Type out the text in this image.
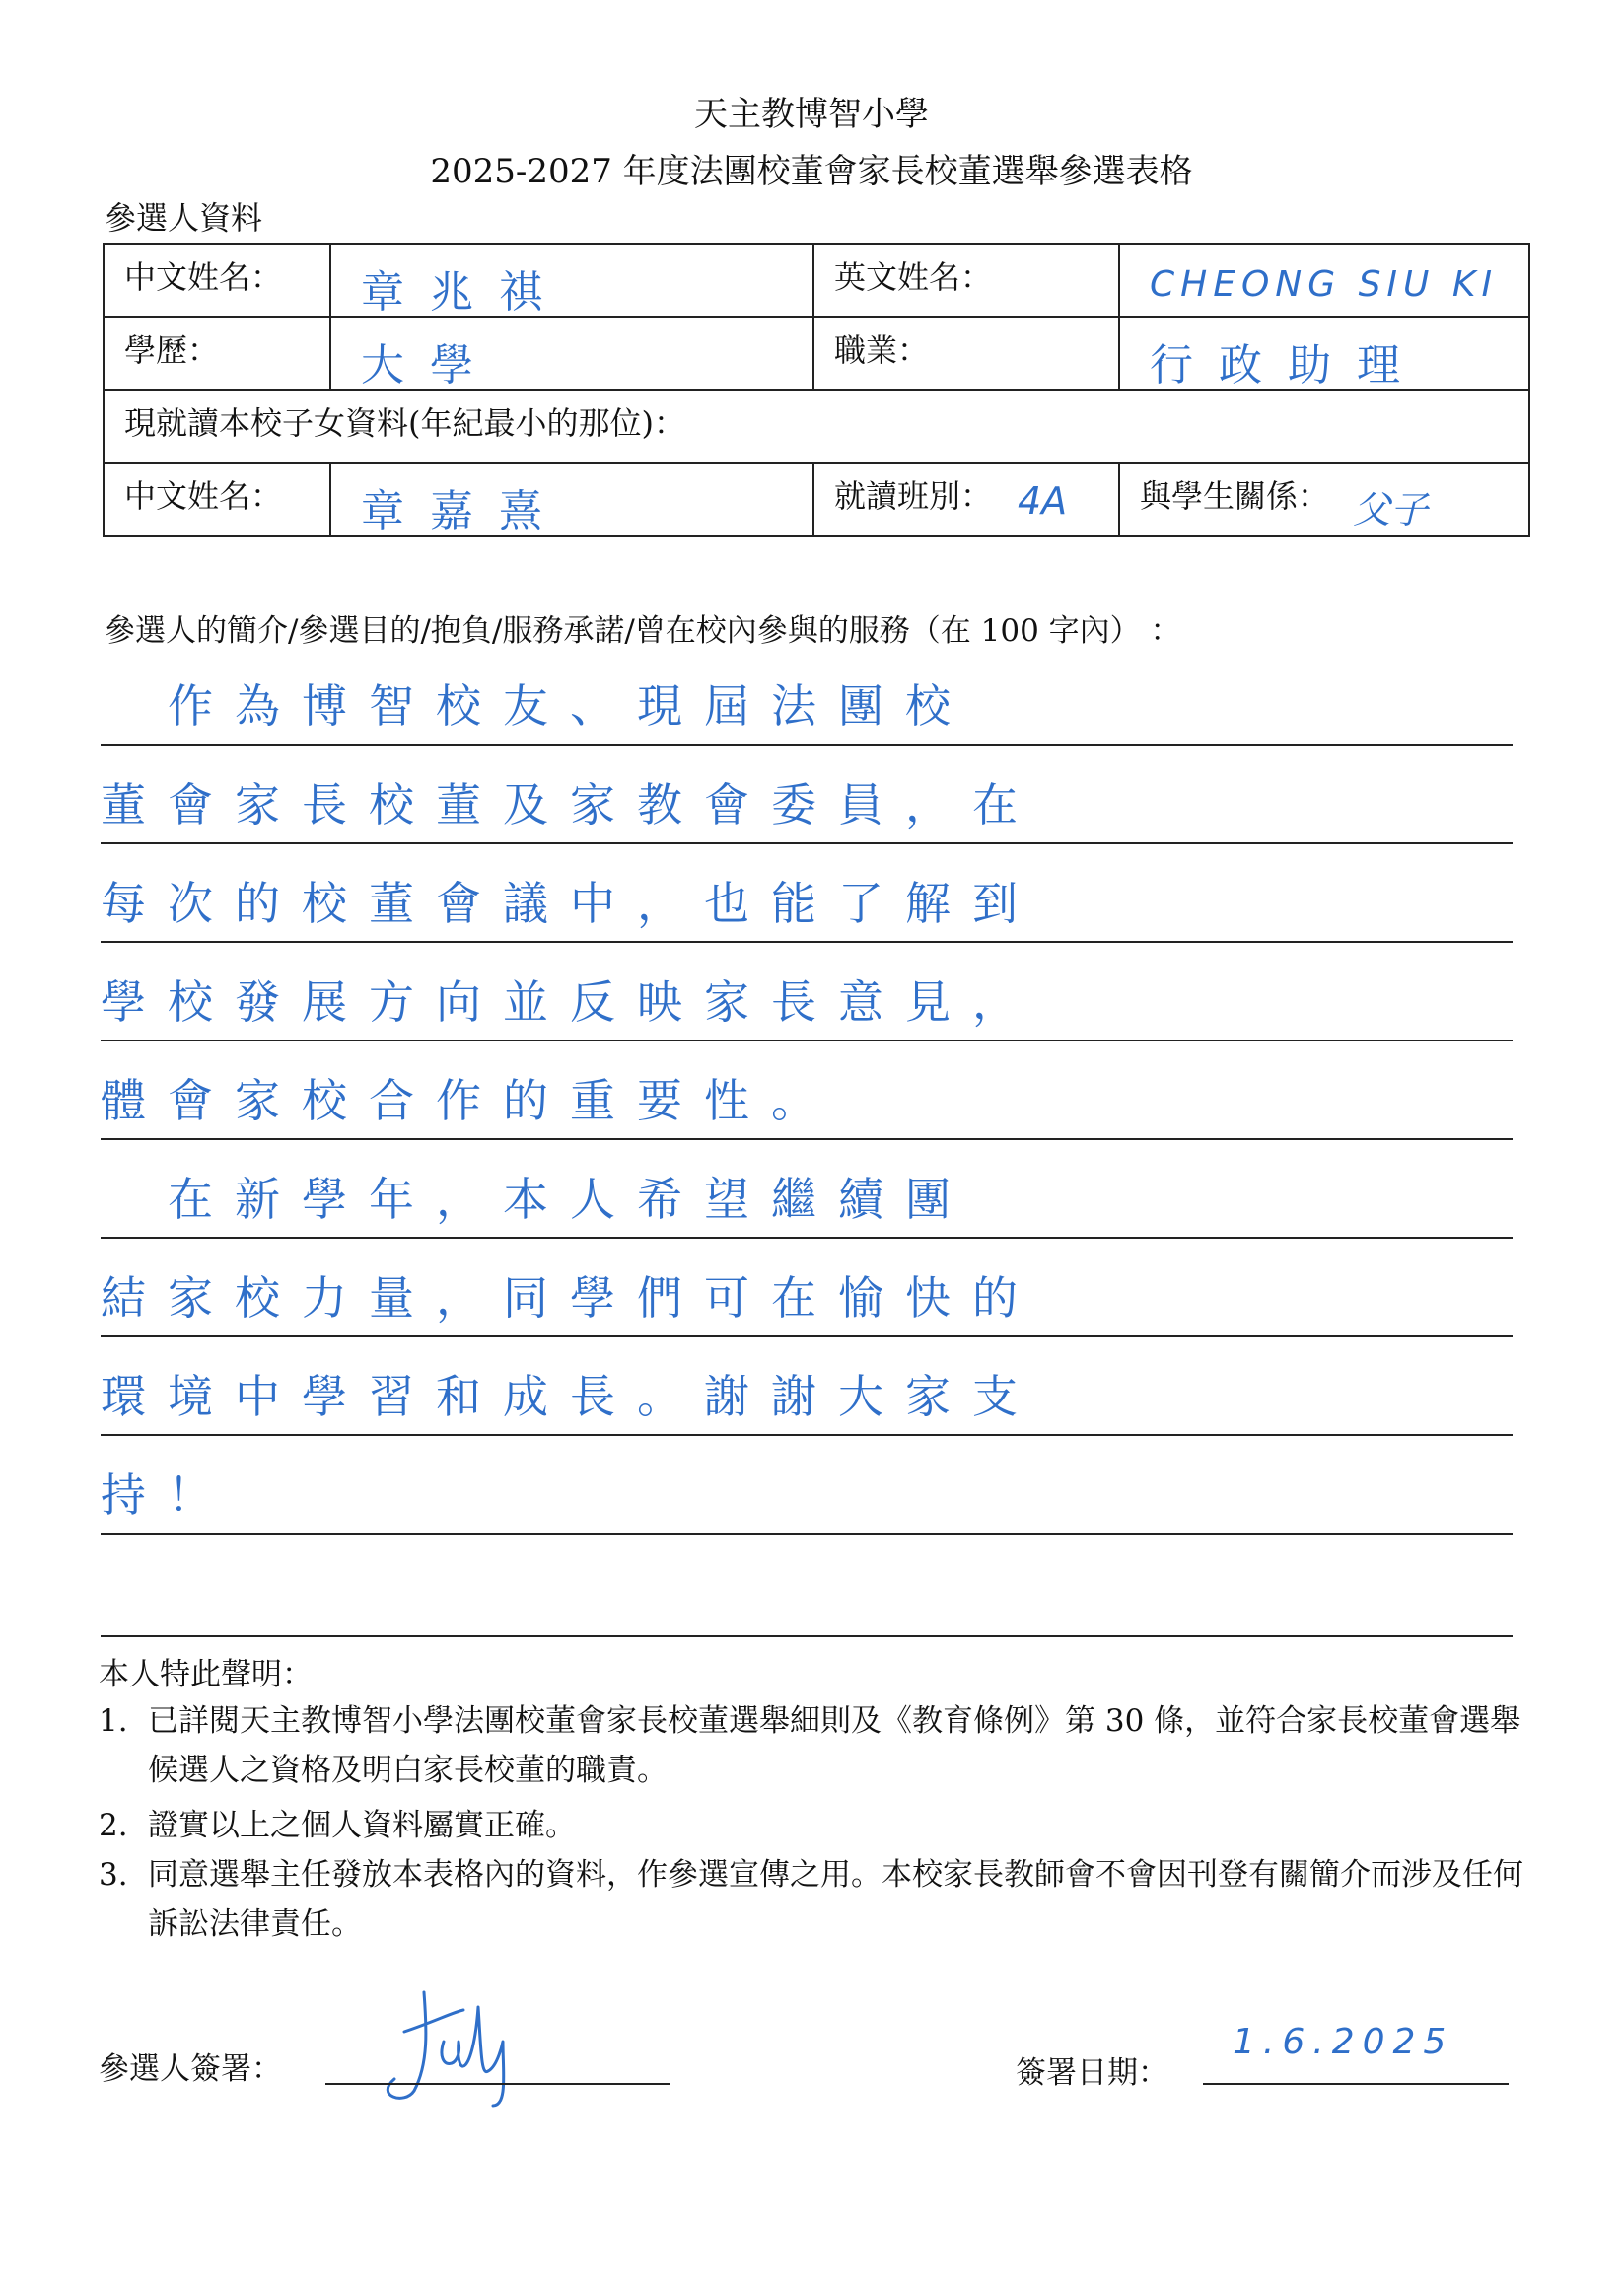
天主教博智小學
2025-2027 年度法團校董會家長校董選舉參選表格
參選人資料
中文姓名：	章兆祺	英文姓名：	CHEONG SIU KI

學歷：	大學	職業：	行政助理

現就讀本校子女資料(年紀最小的那位)：			

中文姓名：	章嘉熹	就讀班別： 4A	與學生關係： 父子
參選人的簡介/參選目的/抱負/服務承諾/曾在校內參與的服務（在 100 字內） ：
　作為博智校友、現屆法團校
董會家長校董及家教會委員，在
每次的校董會議中，也能了解到
學校發展方向並反映家長意見，
體會家校合作的重要性。
　在新學年，本人希望繼續團
結家校力量，同學們可在愉快的
環境中學習和成長。謝謝大家支
持！
本人特此聲明：
1. 已詳閱天主教博智小學法團校董會家長校董選舉細則及《教育條例》第 30 條，並符合家長校董會選舉候選人之資格及明白家長校董的職責。
2. 證實以上之個人資料屬實正確。
3. 同意選舉主任發放本表格內的資料，作參選宣傳之用。本校家長教師會不會因刊登有關簡介而涉及任何訴訟法律責任。
參選人簽署：	簽署日期：
1.6.2025
